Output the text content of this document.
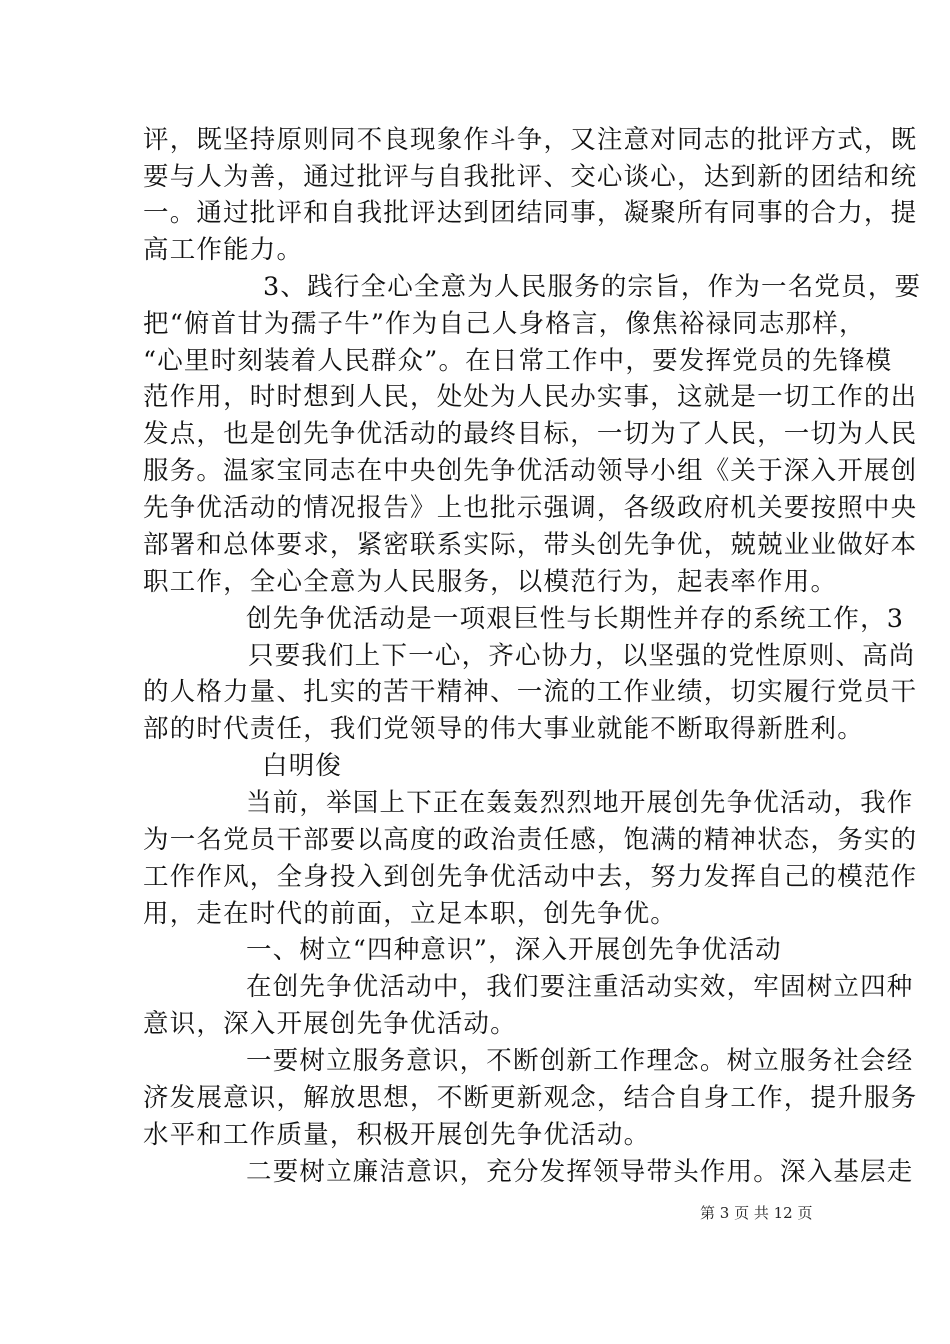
评，既坚持原则同不良现象作斗争，又注意对同志的批评方式，既
要与人为善，通过批评与自我批评、交心谈心，达到新的团结和统
一。通过批评和自我批评达到团结同事，凝聚所有同事的合力，提
高工作能力。
3、践行全心全意为人民服务的宗旨，作为一名党员，要
把“俯首甘为孺子牛”作为自己人身格言，像焦裕禄同志那样，
“心里时刻装着人民群众”。在日常工作中，要发挥党员的先锋模
范作用，时时想到人民，处处为人民办实事，这就是一切工作的出
发点，也是创先争优活动的最终目标，一切为了人民，一切为人民
服务。温家宝同志在中央创先争优活动领导小组《关于深入开展创
先争优活动的情况报告》上也批示强调，各级政府机关要按照中央
部署和总体要求，紧密联系实际，带头创先争优，兢兢业业做好本
职工作，全心全意为人民服务，以模范行为，起表率作用。
创先争优活动是一项艰巨性与长期性并存的系统工作，3
只要我们上下一心，齐心协力，以坚强的党性原则、高尚
的人格力量、扎实的苦干精神、一流的工作业绩，切实履行党员干
部的时代责任，我们党领导的伟大事业就能不断取得新胜利。
白明俊
当前，举国上下正在轰轰烈烈地开展创先争优活动，我作
为一名党员干部要以高度的政治责任感，饱满的精神状态，务实的
工作作风，全身投入到创先争优活动中去，努力发挥自己的模范作
用，走在时代的前面，立足本职，创先争优。
一、树立“四种意识”，深入开展创先争优活动
在创先争优活动中，我们要注重活动实效，牢固树立四种
意识，深入开展创先争优活动。
一要树立服务意识，不断创新工作理念。树立服务社会经
济发展意识，解放思想，不断更新观念，结合自身工作，提升服务
水平和工作质量，积极开展创先争优活动。
二要树立廉洁意识，充分发挥领导带头作用。深入基层走
第 3 页 共 12 页
